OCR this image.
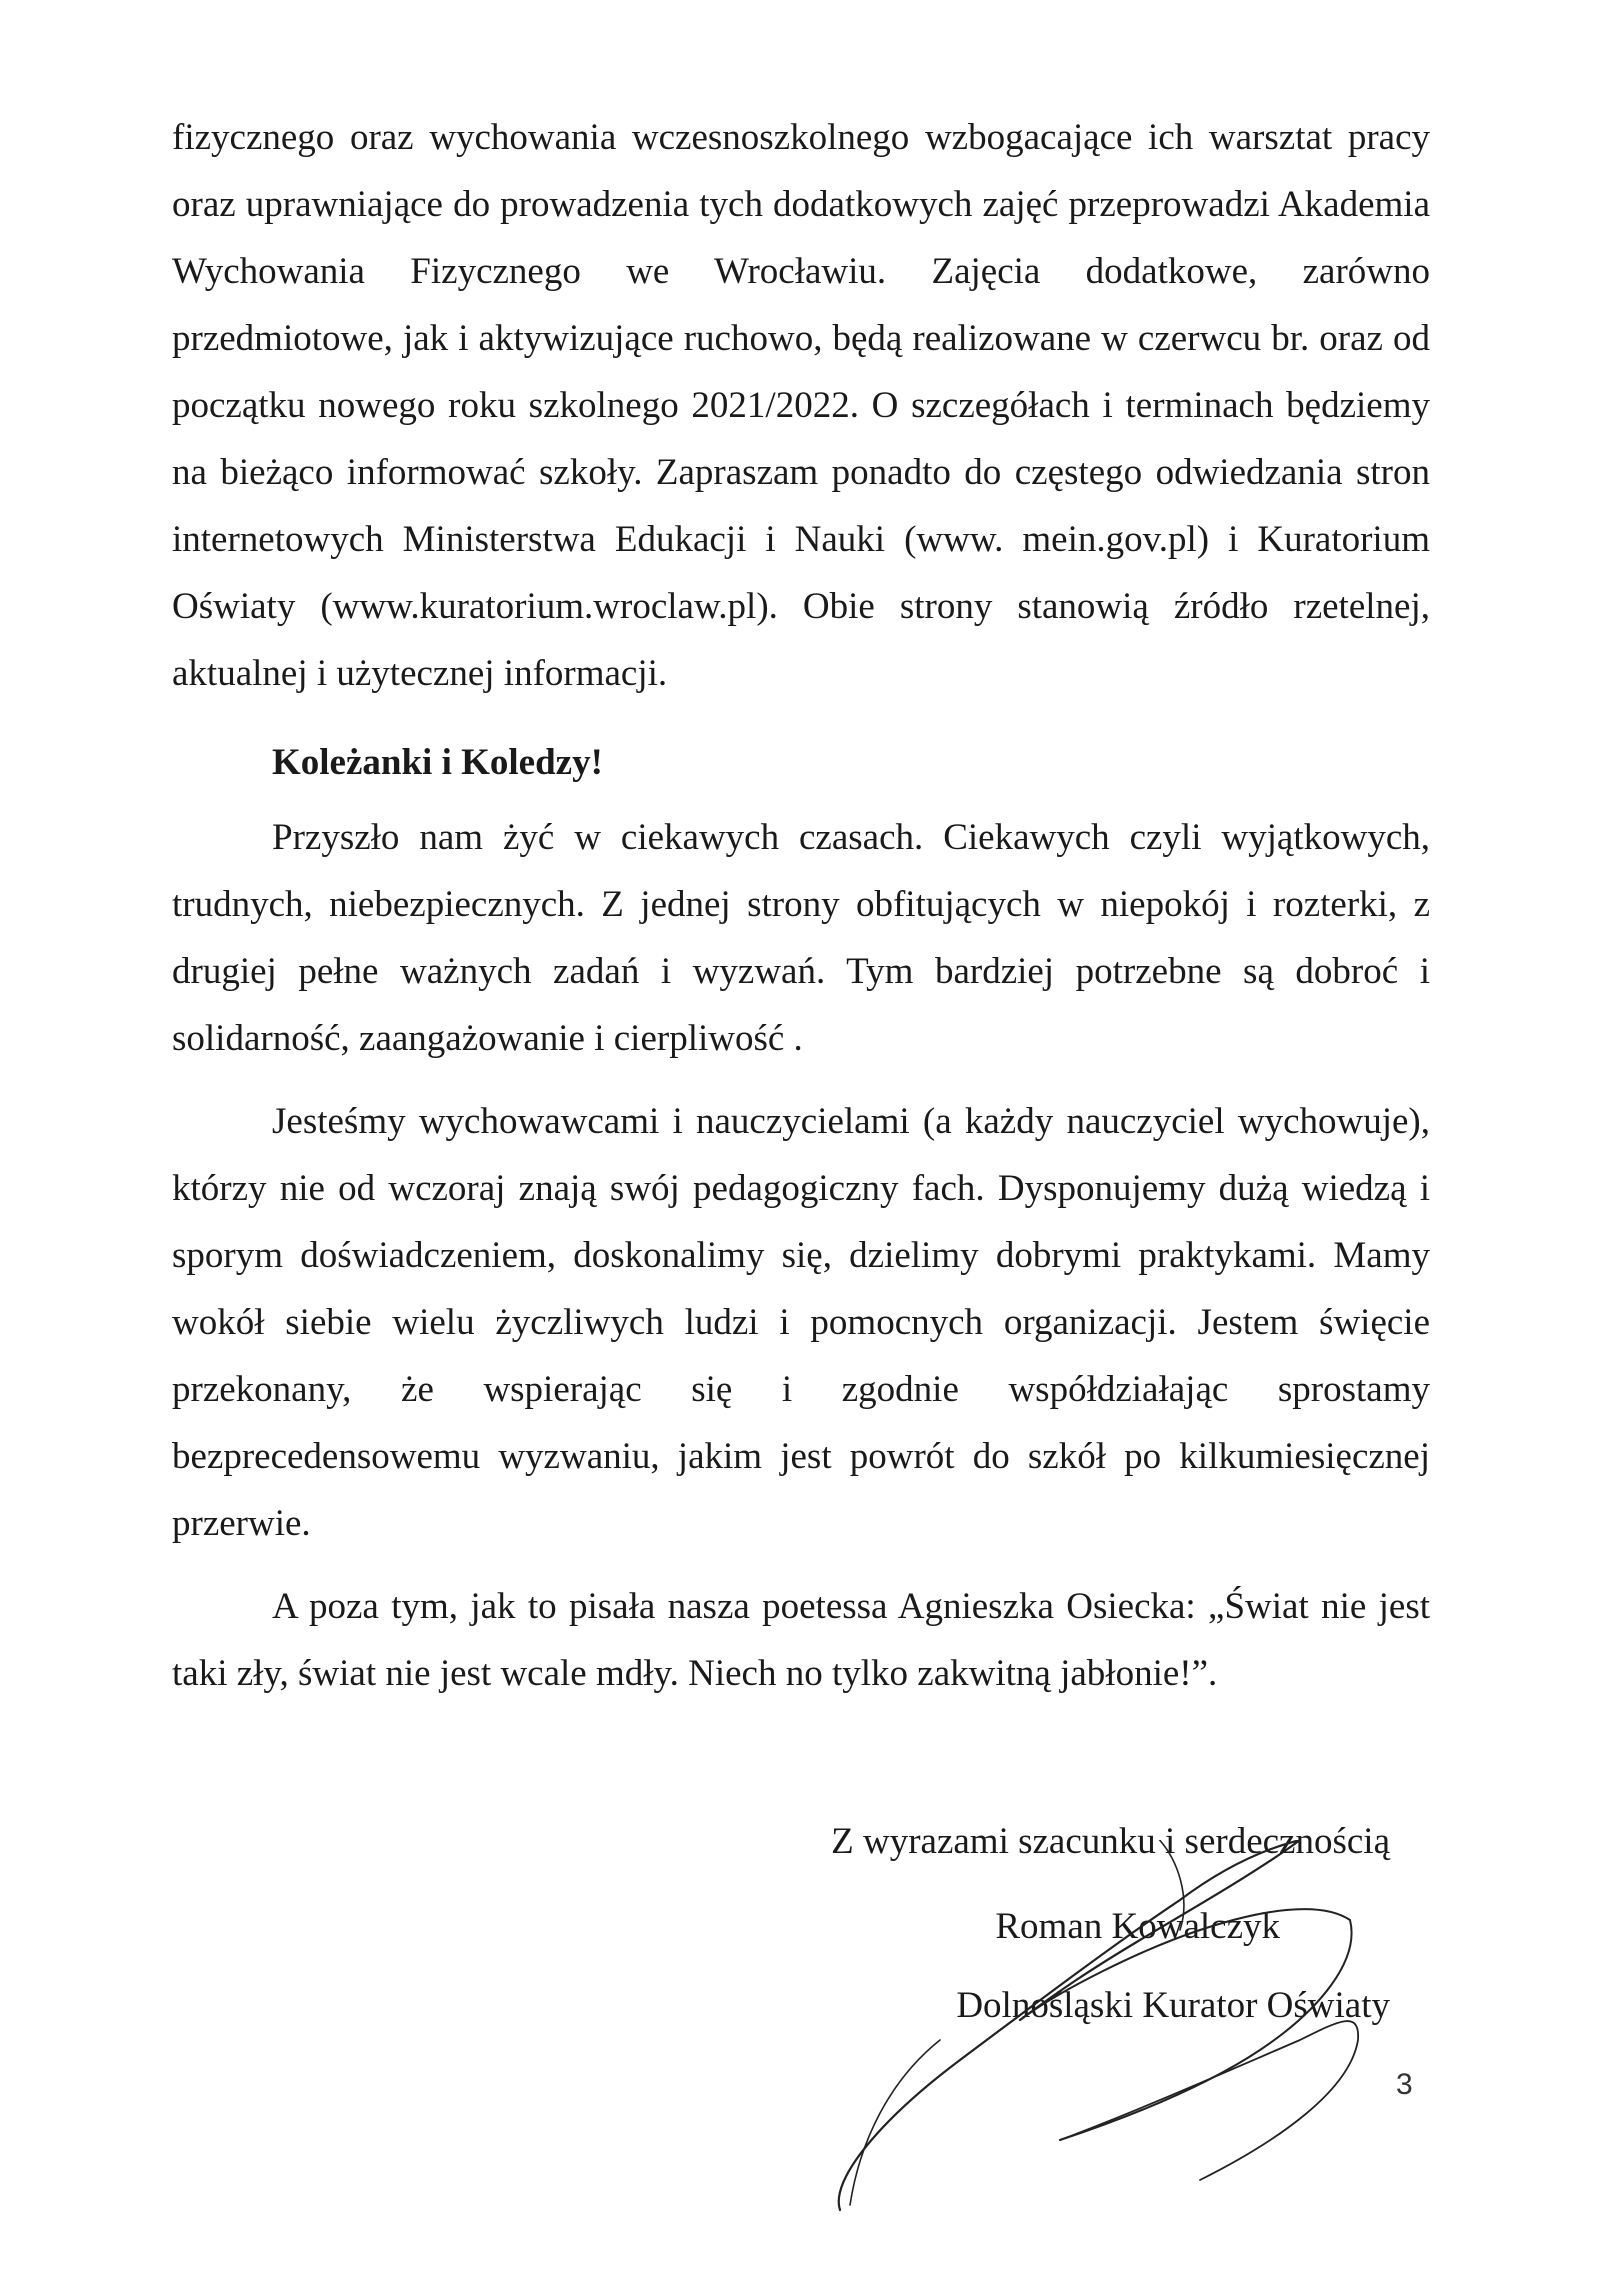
fizycznego oraz wychowania wczesnoszkolnego wzbogacające ich warsztat pracy oraz uprawniające do prowadzenia tych dodatkowych zajęć przeprowadzi Akademia Wychowania Fizycznego we Wrocławiu. Zajęcia dodatkowe, zarówno przedmiotowe, jak i aktywizujące ruchowo, będą realizowane w czerwcu br. oraz od początku nowego roku szkolnego 2021/2022. O szczegółach i terminach będziemy na bieżąco informować szkoły. Zapraszam ponadto do częstego odwiedzania stron internetowych Ministerstwa Edukacji i Nauki (www. mein.gov.pl) i Kuratorium Oświaty (www.kuratorium.wroclaw.pl). Obie strony stanowią źródło rzetelnej, aktualnej i użytecznej informacji.

Koleżanki i Koledzy!

Przyszło nam żyć w ciekawych czasach. Ciekawych czyli wyjątkowych, trudnych, niebezpiecznych. Z jednej strony obfitujących w niepokój i rozterki, z drugiej pełne ważnych zadań i wyzwań. Tym bardziej potrzebne są dobroć i solidarność, zaangażowanie i cierpliwość .

Jesteśmy wychowawcami i nauczycielami (a każdy nauczyciel wychowuje), którzy nie od wczoraj znają swój pedagogiczny fach. Dysponujemy dużą wiedzą i sporym doświadczeniem, doskonalimy się, dzielimy dobrymi praktykami. Mamy wokół siebie wielu życzliwych ludzi i pomocnych organizacji. Jestem święcie przekonany, że wspierając się i zgodnie współdziałając sprostamy bezprecedensowemu wyzwaniu, jakim jest powrót do szkół po kilkumiesięcznej przerwie.

A poza tym, jak to pisała nasza poetessa Agnieszka Osiecka: „Świat nie jest taki zły, świat nie jest wcale mdły. Niech no tylko zakwitną jabłonie!”.

Z wyrazami szacunku i serdecznością
Roman Kowalczyk
Dolnośląski Kurator Oświaty
3
